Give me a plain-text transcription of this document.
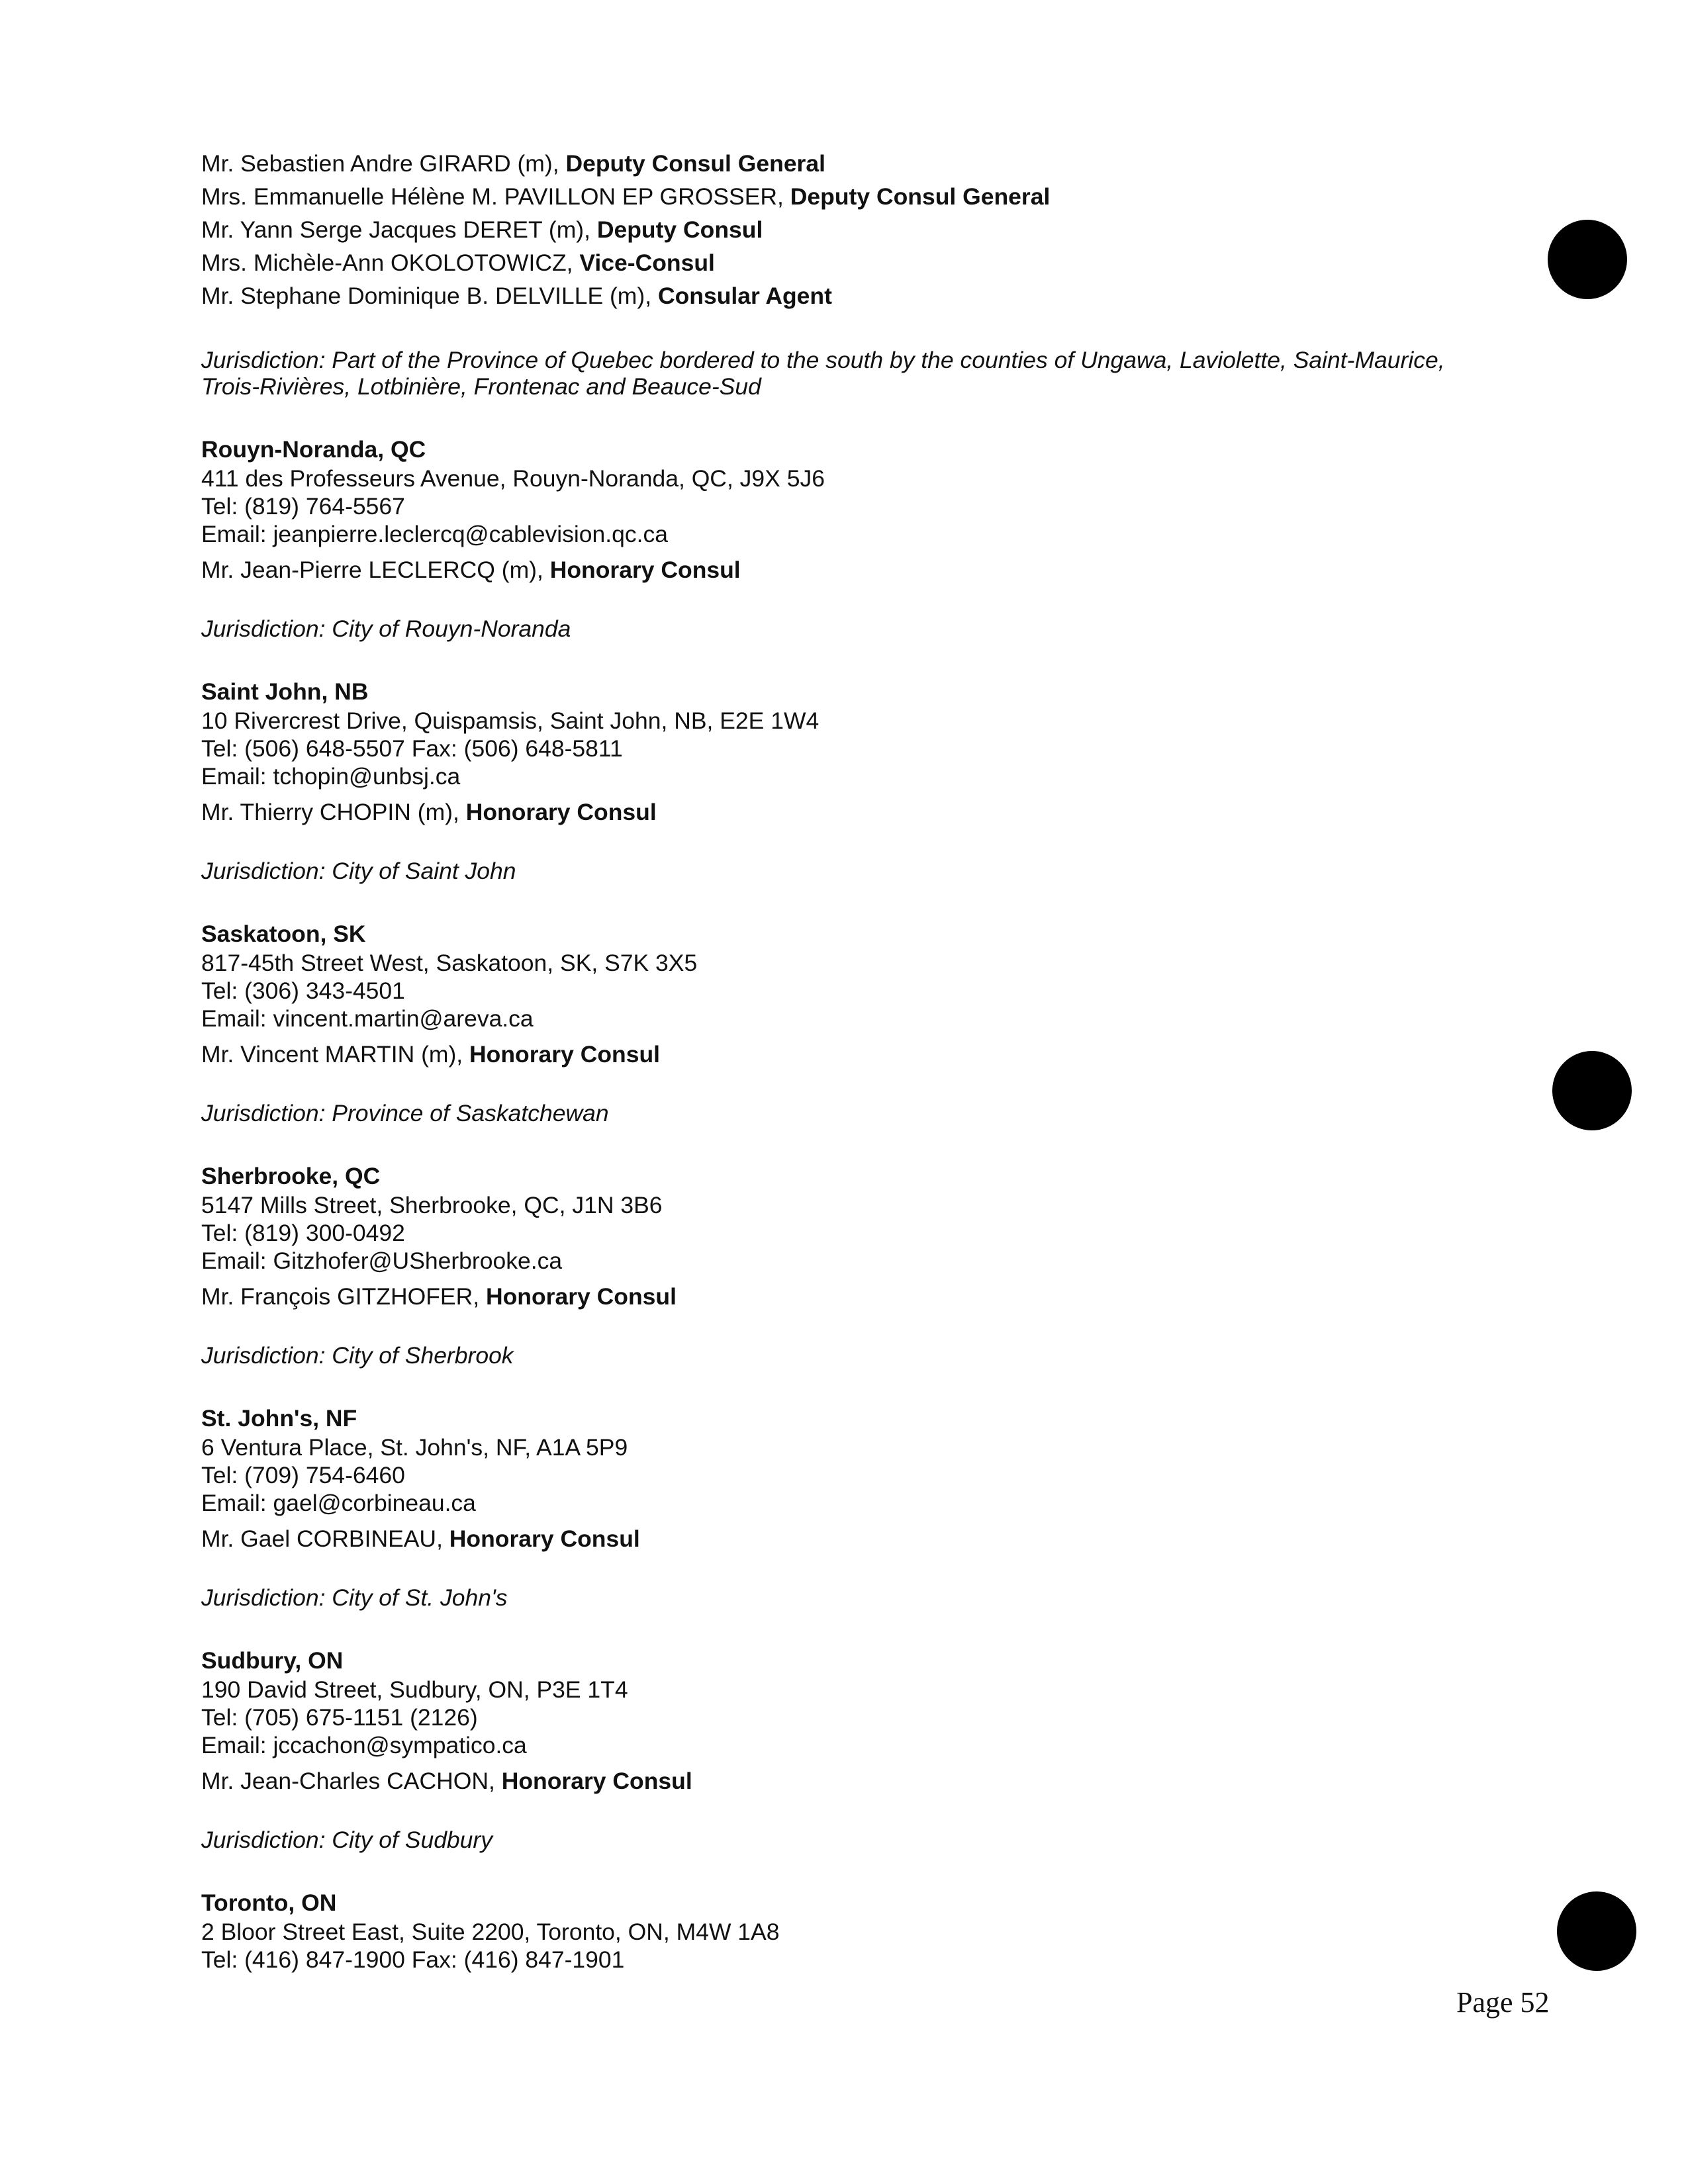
Mr. Sebastien Andre GIRARD (m), Deputy Consul General
Mrs. Emmanuelle Hélène M. PAVILLON EP GROSSER, Deputy Consul General
Mr. Yann Serge Jacques DERET (m), Deputy Consul
Mrs. Michèle-Ann OKOLOTOWICZ, Vice-Consul
Mr. Stephane Dominique B. DELVILLE (m), Consular Agent
Jurisdiction: Part of the Province of Quebec bordered to the south by the counties of Ungawa, Laviolette, Saint-Maurice,
Trois-Rivières, Lotbinière, Frontenac and Beauce-Sud
Rouyn-Noranda, QC
411 des Professeurs Avenue, Rouyn-Noranda, QC, J9X 5J6
Tel: (819) 764-5567
Email: jeanpierre.leclercq@cablevision.qc.ca
Mr. Jean-Pierre LECLERCQ (m), Honorary Consul
Jurisdiction: City of Rouyn-Noranda
Saint John, NB
10 Rivercrest Drive, Quispamsis, Saint John, NB, E2E 1W4
Tel: (506) 648-5507 Fax: (506) 648-5811
Email: tchopin@unbsj.ca
Mr. Thierry CHOPIN (m), Honorary Consul
Jurisdiction: City of Saint John
Saskatoon, SK
817-45th Street West, Saskatoon, SK, S7K 3X5
Tel: (306) 343-4501
Email: vincent.martin@areva.ca
Mr. Vincent MARTIN (m), Honorary Consul
Jurisdiction: Province of Saskatchewan
Sherbrooke, QC
5147 Mills Street, Sherbrooke, QC, J1N 3B6
Tel: (819) 300-0492
Email: Gitzhofer@USherbrooke.ca
Mr. François GITZHOFER, Honorary Consul
Jurisdiction: City of Sherbrook
St. John's, NF
6 Ventura Place, St. John's, NF, A1A 5P9
Tel: (709) 754-6460
Email: gael@corbineau.ca
Mr. Gael CORBINEAU, Honorary Consul
Jurisdiction: City of St. John's
Sudbury, ON
190 David Street, Sudbury, ON, P3E 1T4
Tel: (705) 675-1151 (2126)
Email: jccachon@sympatico.ca
Mr. Jean-Charles CACHON, Honorary Consul
Jurisdiction: City of Sudbury
Toronto, ON
2 Bloor Street East, Suite 2200, Toronto, ON, M4W 1A8
Tel: (416) 847-1900 Fax: (416) 847-1901
Page 52
